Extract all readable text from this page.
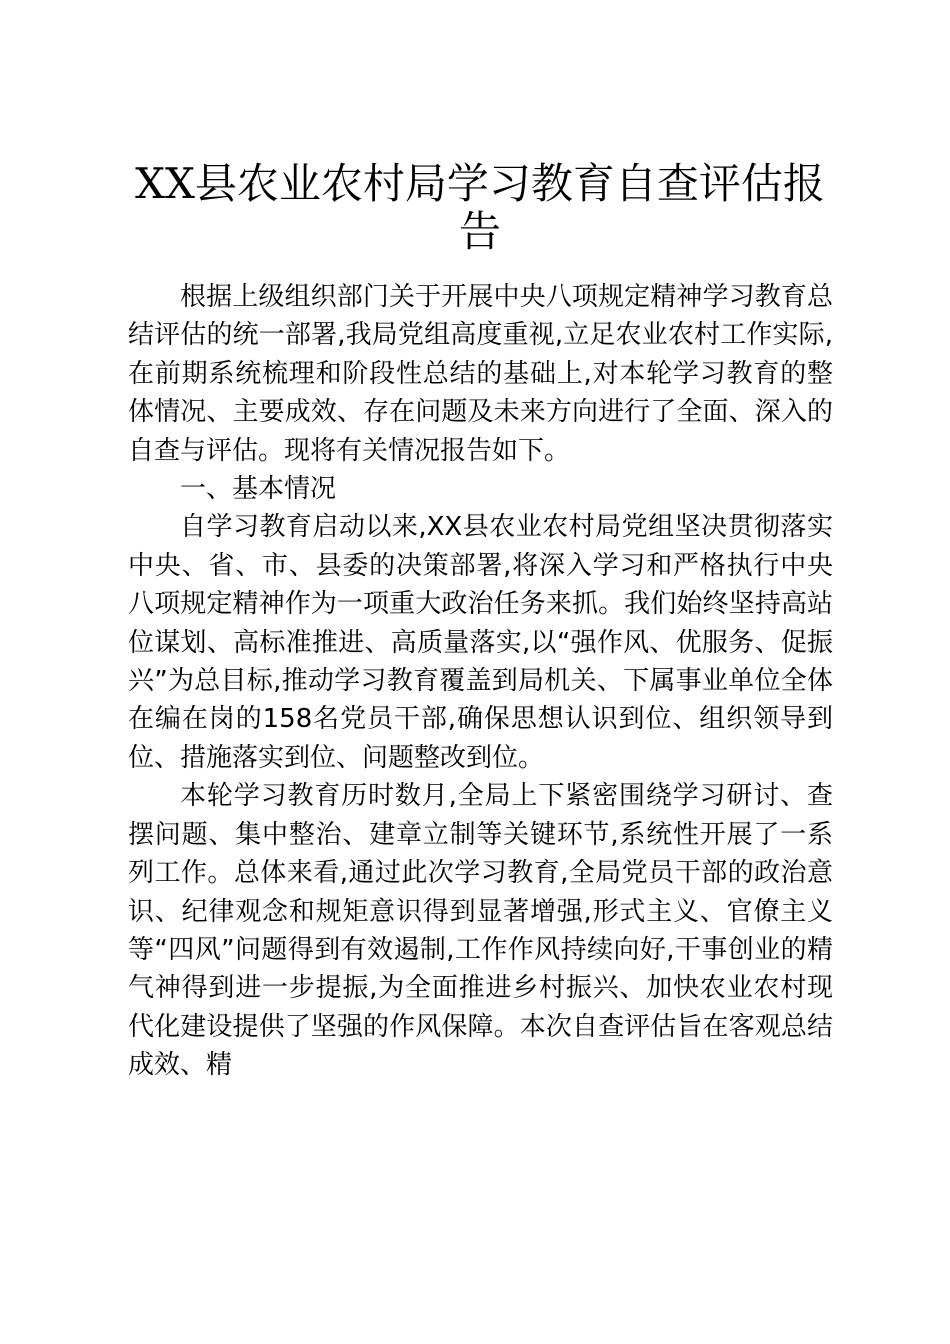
XX县农业农村局学习教育自查评估报告

根据上级组织部门关于开展中央八项规定精神学习教育总结评估的统一部署,我局党组高度重视,立足农业农村工作实际,在前期系统梳理和阶段性总结的基础上,对本轮学习教育的整体情况、主要成效、存在问题及未来方向进行了全面、深入的自查与评估。现将有关情况报告如下。

一、基本情况

自学习教育启动以来,XX县农业农村局党组坚决贯彻落实中央、省、市、县委的决策部署,将深入学习和严格执行中央八项规定精神作为一项重大政治任务来抓。我们始终坚持高站位谋划、高标准推进、高质量落实,以“强作风、优服务、促振兴”为总目标,推动学习教育覆盖到局机关、下属事业单位全体在编在岗的158名党员干部,确保思想认识到位、组织领导到位、措施落实到位、问题整改到位。

本轮学习教育历时数月,全局上下紧密围绕学习研讨、查摆问题、集中整治、建章立制等关键环节,系统性开展了一系列工作。总体来看,通过此次学习教育,全局党员干部的政治意识、纪律观念和规矩意识得到显著增强,形式主义、官僚主义等“四风”问题得到有效遏制,工作作风持续向好,干事创业的精气神得到进一步提振,为全面推进乡村振兴、加快农业农村现代化建设提供了坚强的作风保障。本次自查评估旨在客观总结成效、精
